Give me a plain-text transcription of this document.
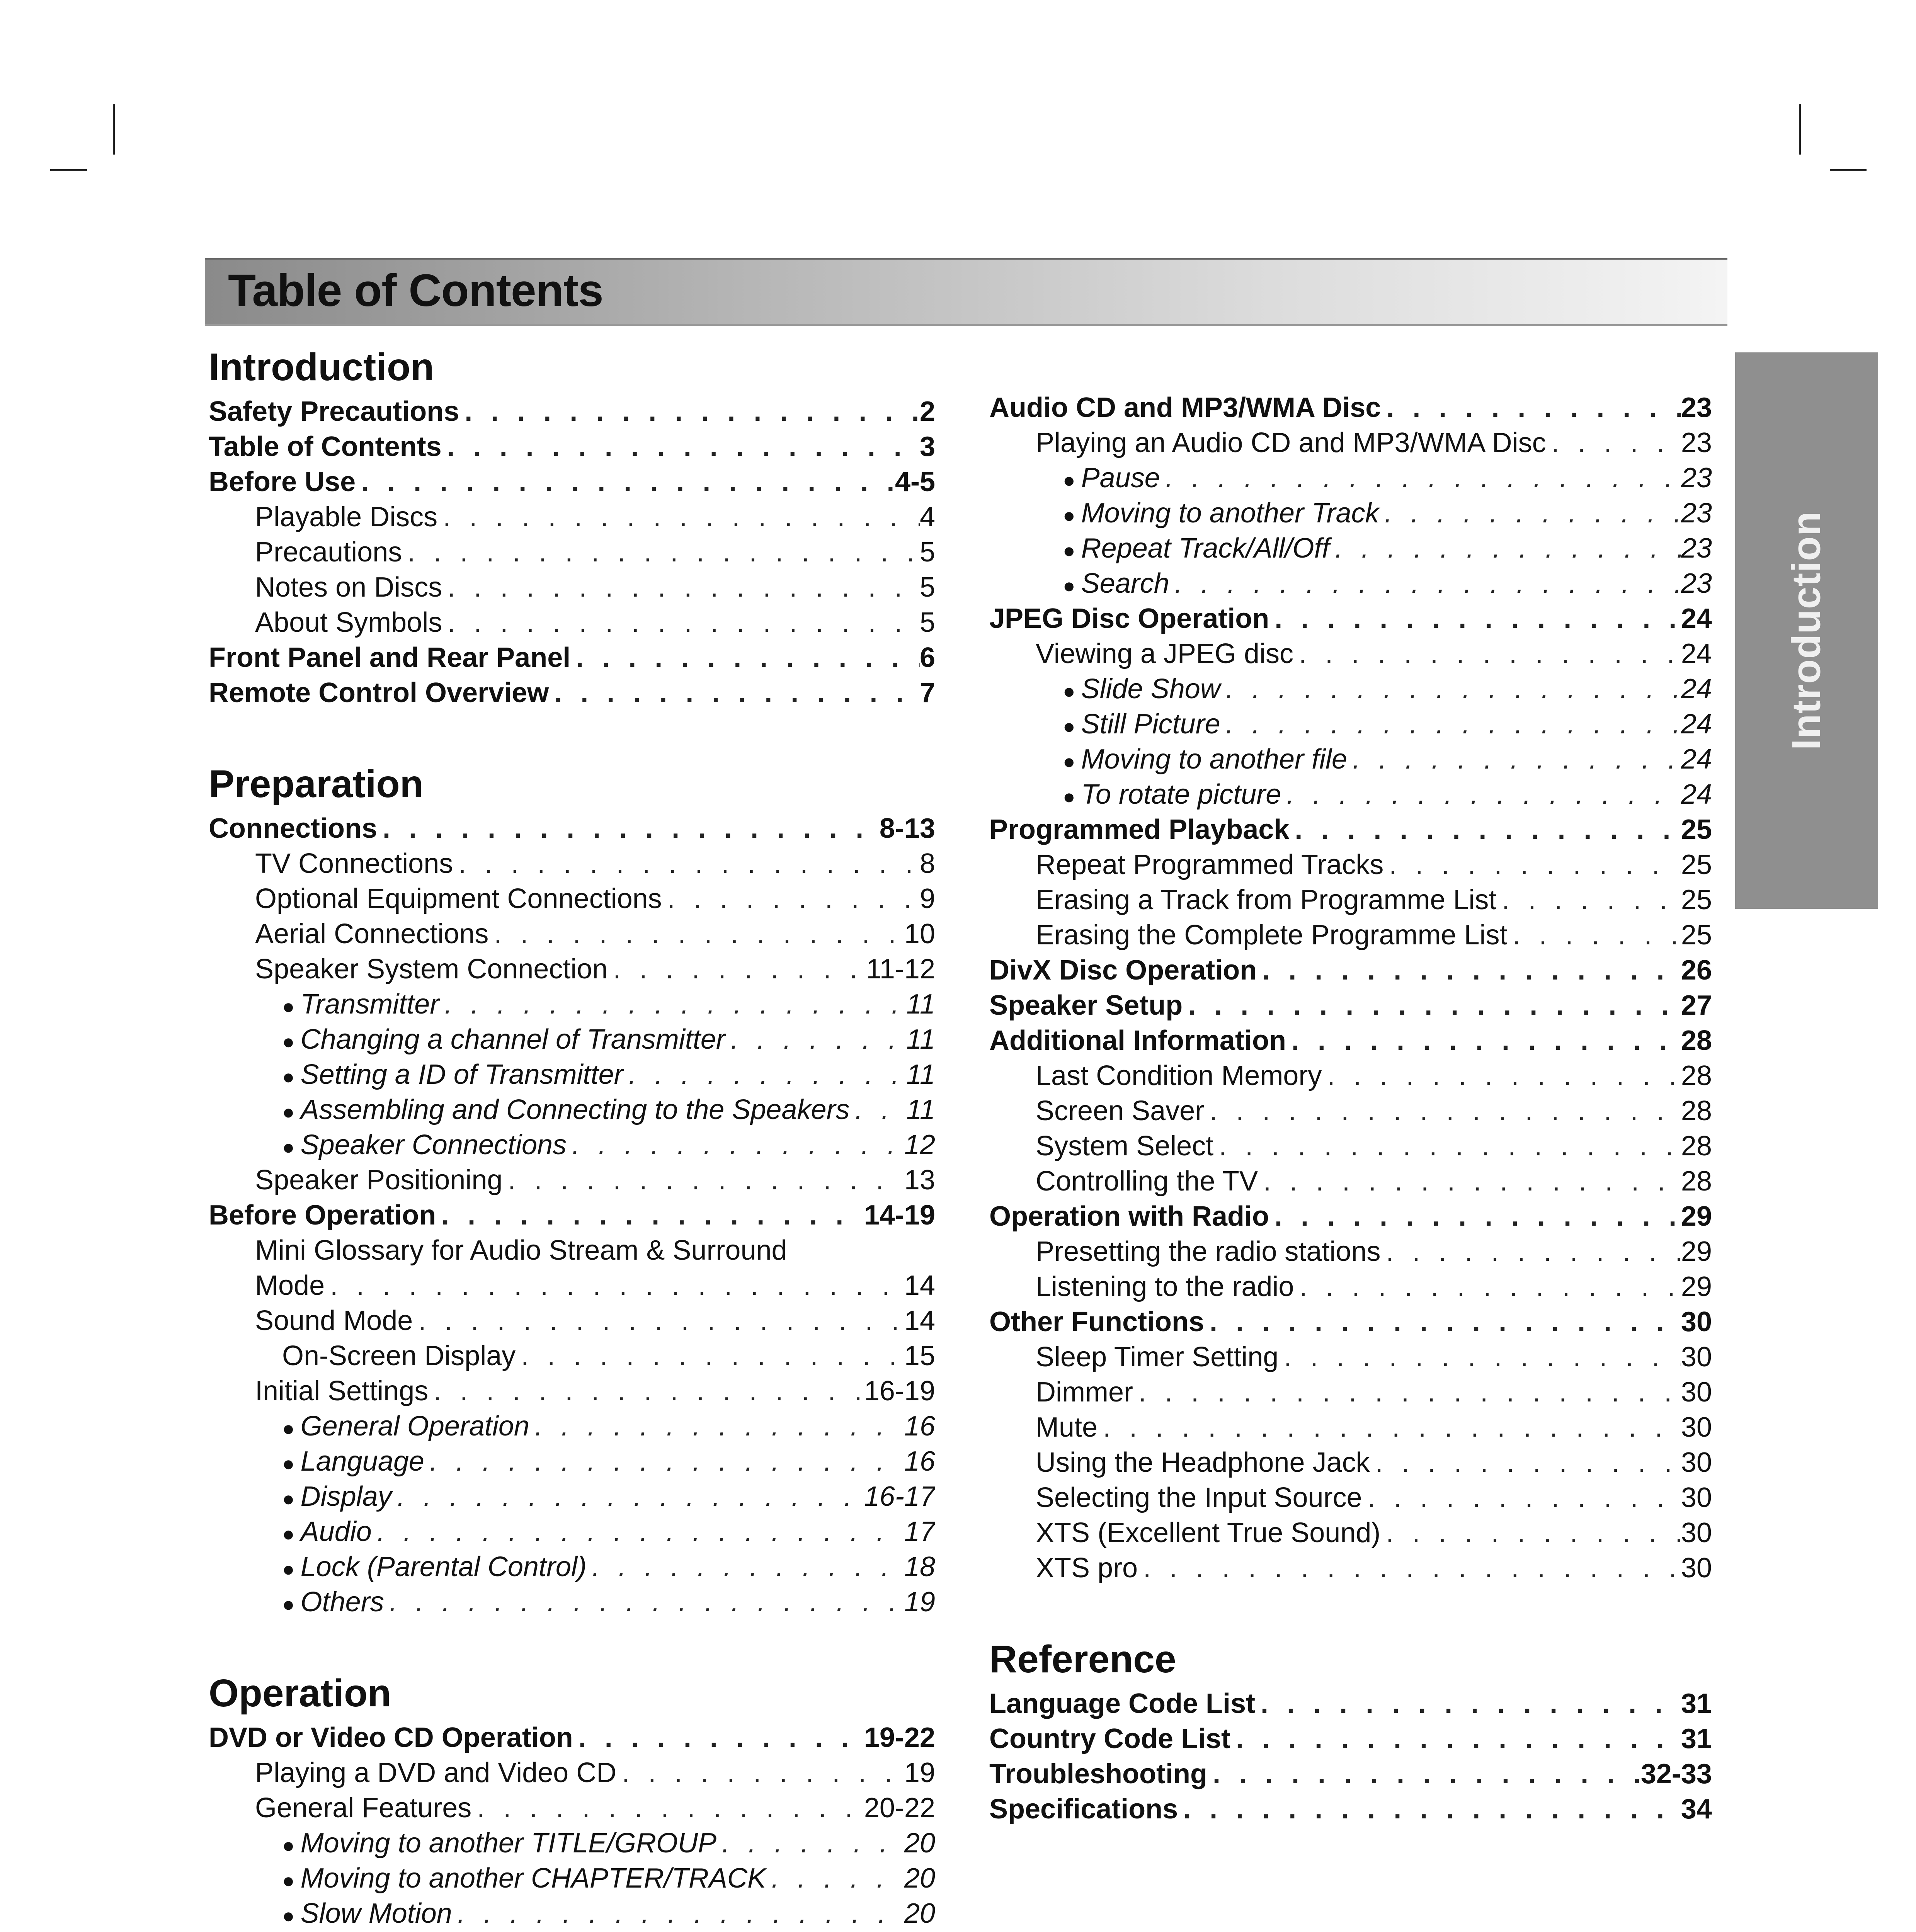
Table of Contents
Introduction
Introduction
Safety Precautions . . .	2
Table of Contents . . .	3
Before Use . . .	4-5
Playable Discs . . .	4
Precautions . . .	5
Notes on Discs . . .	5
About Symbols . . .	5
Front Panel and Rear Panel . . .	6
Remote Control Overview . . .	7
Preparation
Connections . . .	8-13
TV Connections . . .	8
Optional Equipment Connections . . .	9
Aerial Connections . . .	10
Speaker System Connection . . .	11-12
● Transmitter . . .	11
● Changing a channel of Transmitter . . .	11
● Setting a ID of Transmitter . . .	11
● Assembling and Connecting to the Speakers . . . 11
● Speaker Connections . . .	12
Speaker Positioning . . .	13
Before Operation . . .	14-19
Mini Glossary for Audio Stream & Surround
Mode . . .	14
Sound Mode . . .	14
On-Screen Display . . .	15
Initial Settings . . .	16-19
● General Operation . . .	16
● Language . . .	16
● Display . . .	16-17
● Audio . . .	17
● Lock (Parental Control) . . .	18
● Others . . .	19
Operation
DVD or Video CD Operation . . .	19-22
Playing a DVD and Video CD . . .	19
General Features . . .	20-22
● Moving to another TITLE/GROUP . . .	20
● Moving to another CHAPTER/TRACK . . .	20
● Slow Motion . . .	20
●
. . .
Audio CD and MP3/WMA Disc . . .	23
Playing an Audio CD and MP3/WMA Disc . . .	23
● Pause . . .	23
● Moving to another Track . . .	23
● Repeat Track/All/Off . . .	23
● Search . . .	23
JPEG Disc Operation . . .	24
Viewing a JPEG disc . . .	24
● Slide Show . . .	24
● Still Picture . . .	24
● Moving to another file . . .	24
● To rotate picture . . .	24
Programmed Playback . . .	25
Repeat Programmed Tracks . . .	25
Erasing a Track from Programme List . . .	25
Erasing the Complete Programme List . . .	25
DivX Disc Operation . . .	26
Speaker Setup . . .	27
Additional Information . . .	28
Last Condition Memory . . .	28
Screen Saver . . .	28
System Select . . .	28
Controlling the TV . . .	28
Operation with Radio . . .	29
Presetting the radio stations . . .	29
Listening to the radio . . .	29
Other Functions . . .	30
Sleep Timer Setting . . .	30
Dimmer . . .	30
Mute . . .	30
Using the Headphone Jack . . .	30
Selecting the Input Source . . .	30
XTS (Excellent True Sound) . . .	30
XTS pro . . .	30
Reference
Language Code List . . .	31
Country Code List . . .	31
Troubleshooting . . .	32-33
Specifications . . .	34
